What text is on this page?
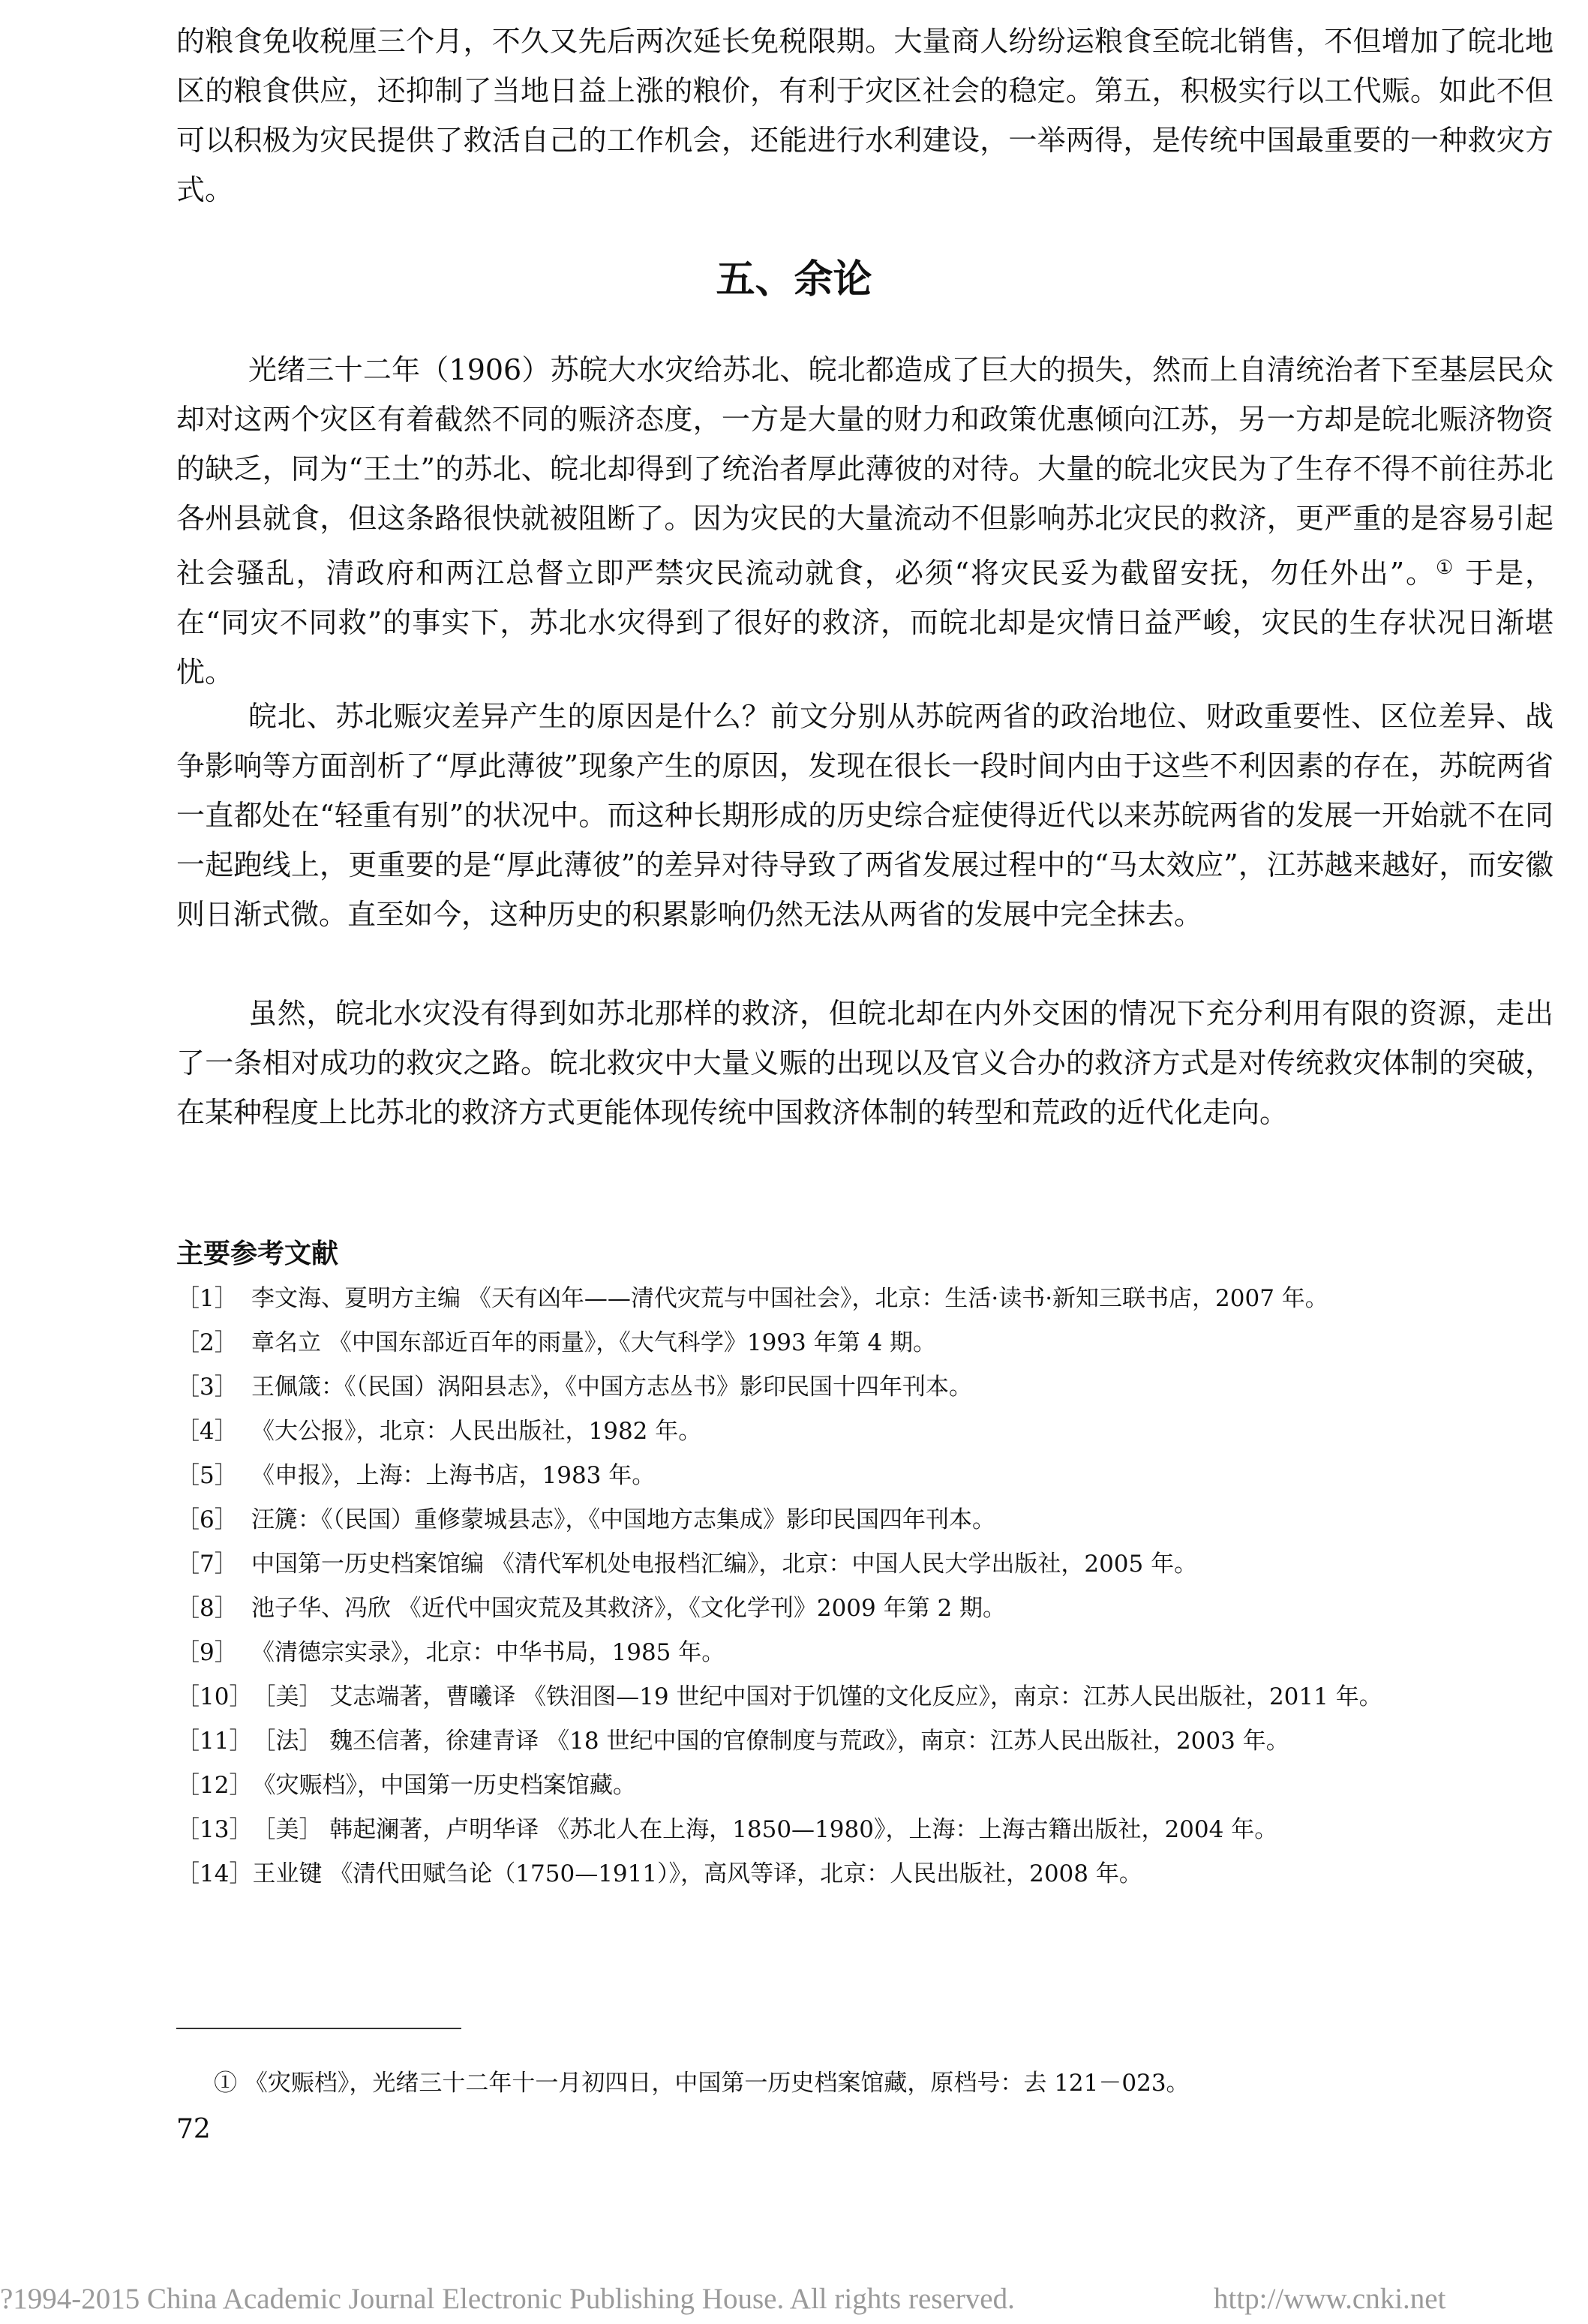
的粮食免收税厘三个月，不久又先后两次延长免税限期。大量商人纷纷运粮食至皖北销售，不但增加了皖北地区的粮食供应，还抑制了当地日益上涨的粮价，有利于灾区社会的稳定。第五，积极实行以工代赈。如此不但可以积极为灾民提供了救活自己的工作机会，还能进行水利建设，一举两得，是传统中国最重要的一种救灾方式。

五、余论

光绪三十二年（1906）苏皖大水灾给苏北、皖北都造成了巨大的损失，然而上自清统治者下至基层民众却对这两个灾区有着截然不同的赈济态度，一方是大量的财力和政策优惠倾向江苏，另一方却是皖北赈济物资的缺乏，同为“王土”的苏北、皖北却得到了统治者厚此薄彼的对待。大量的皖北灾民为了生存不得不前往苏北各州县就食，但这条路很快就被阻断了。因为灾民的大量流动不但影响苏北灾民的救济，更严重的是容易引起社会骚乱，清政府和两江总督立即严禁灾民流动就食，必须“将灾民妥为截留安抚，勿任外出”。① 于是，在“同灾不同救”的事实下，苏北水灾得到了很好的救济，而皖北却是灾情日益严峻，灾民的生存状况日渐堪忧。

皖北、苏北赈灾差异产生的原因是什么？前文分别从苏皖两省的政治地位、财政重要性、区位差异、战争影响等方面剖析了“厚此薄彼”现象产生的原因，发现在很长一段时间内由于这些不利因素的存在，苏皖两省一直都处在“轻重有别”的状况中。而这种长期形成的历史综合症使得近代以来苏皖两省的发展一开始就不在同一起跑线上，更重要的是“厚此薄彼”的差异对待导致了两省发展过程中的“马太效应”，江苏越来越好，而安徽则日渐式微。直至如今，这种历史的积累影响仍然无法从两省的发展中完全抹去。

虽然，皖北水灾没有得到如苏北那样的救济，但皖北却在内外交困的情况下充分利用有限的资源，走出了一条相对成功的救灾之路。皖北救灾中大量义赈的出现以及官义合办的救济方式是对传统救灾体制的突破，在某种程度上比苏北的救济方式更能体现传统中国救济体制的转型和荒政的近代化走向。

主要参考文献
［1］ 李文海、夏明方主编 《天有凶年——清代灾荒与中国社会》，北京：生活·读书·新知三联书店，2007 年。
［2］ 章名立 《中国东部近百年的雨量》，《大气科学》1993 年第 4 期。
［3］ 王佩箴：《（民国）涡阳县志》，《中国方志丛书》影印民国十四年刊本。
［4］ 《大公报》，北京：人民出版社，1982 年。
［5］ 《申报》，上海：上海书店，1983 年。
［6］ 汪篪：《（民国）重修蒙城县志》，《中国地方志集成》影印民国四年刊本。
［7］ 中国第一历史档案馆编 《清代军机处电报档汇编》，北京：中国人民大学出版社，2005 年。
［8］ 池子华、冯欣 《近代中国灾荒及其救济》，《文化学刊》2009 年第 2 期。
［9］ 《清德宗实录》，北京：中华书局，1985 年。
［10］［美］ 艾志端著，曹曦译 《铁泪图—19 世纪中国对于饥馑的文化反应》，南京：江苏人民出版社，2011 年。
［11］［法］ 魏丕信著，徐建青译 《18 世纪中国的官僚制度与荒政》，南京：江苏人民出版社，2003 年。
［12］《灾赈档》，中国第一历史档案馆藏。
［13］［美］ 韩起澜著，卢明华译 《苏北人在上海，1850—1980》，上海：上海古籍出版社，2004 年。
［14］王业键 《清代田赋刍论（1750—1911）》，高风等译，北京：人民出版社，2008 年。

① 《灾赈档》，光绪三十二年十一月初四日，中国第一历史档案馆藏，原档号：去 121－023。

72

?1994-2015 China Academic Journal Electronic Publishing House. All rights reserved.	http://www.cnki.net
